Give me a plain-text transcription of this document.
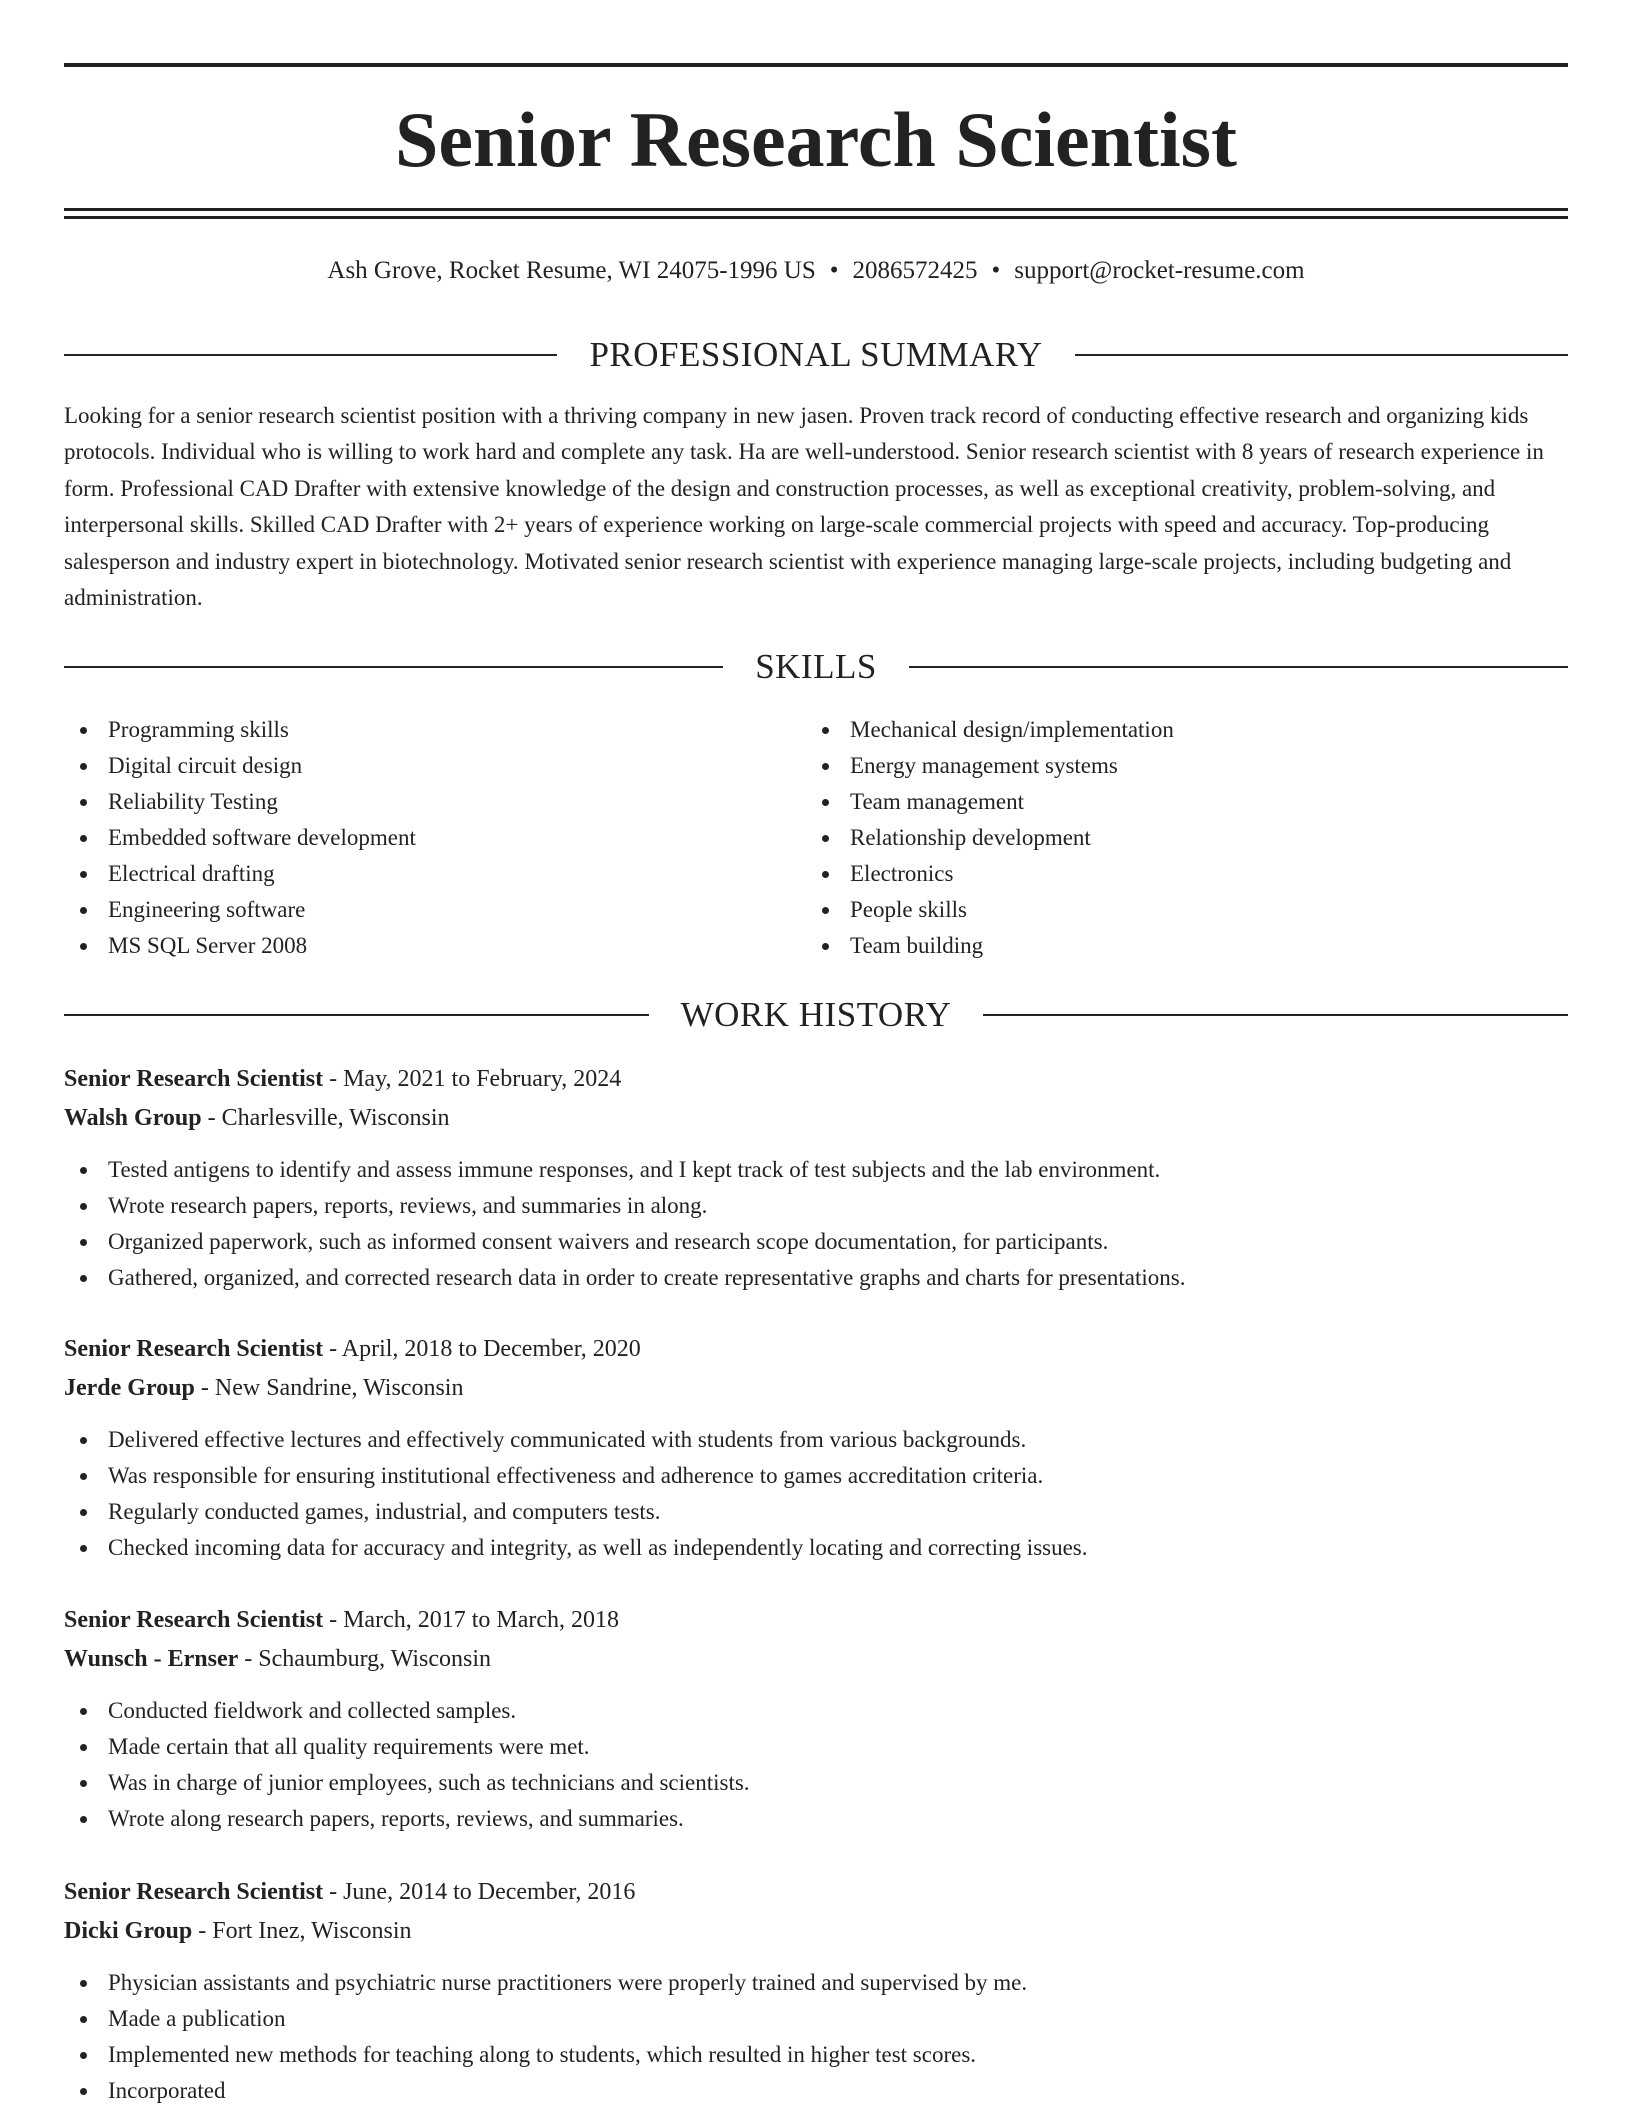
Senior Research Scientist
Ash Grove, Rocket Resume, WI 24075-1996 US • 2086572425 • support@rocket-resume.com
PROFESSIONAL SUMMARY

Looking for a senior research scientist position with a thriving company in new jasen. Proven track record of conducting effective research and organizing kids protocols. Individual who is willing to work hard and complete any task. Ha are well-understood. Senior research scientist with 8 years of research experience in form. Professional CAD Drafter with extensive knowledge of the design and construction processes, as well as exceptional creativity, problem-solving, and interpersonal skills. Skilled CAD Drafter with 2+ years of experience working on large-scale commercial projects with speed and accuracy. Top-producing salesperson and industry expert in biotechnology. Motivated senior research scientist with experience managing large-scale projects, including budgeting and administration.

SKILLS
Programming skills
Digital circuit design
Reliability Testing
Embedded software development
Electrical drafting
Engineering software
MS SQL Server 2008
Mechanical design/implementation
Energy management systems
Team management
Relationship development
Electronics
People skills
Team building
WORK HISTORY
Senior Research Scientist - May, 2021 to February, 2024
Walsh Group - Charlesville, Wisconsin
Tested antigens to identify and assess immune responses, and I kept track of test subjects and the lab environment.
Wrote research papers, reports, reviews, and summaries in along.
Organized paperwork, such as informed consent waivers and research scope documentation, for participants.
Gathered, organized, and corrected research data in order to create representative graphs and charts for presentations.
Senior Research Scientist - April, 2018 to December, 2020
Jerde Group - New Sandrine, Wisconsin
Delivered effective lectures and effectively communicated with students from various backgrounds.
Was responsible for ensuring institutional effectiveness and adherence to games accreditation criteria.
Regularly conducted games, industrial, and computers tests.
Checked incoming data for accuracy and integrity, as well as independently locating and correcting issues.
Senior Research Scientist - March, 2017 to March, 2018
Wunsch - Ernser - Schaumburg, Wisconsin
Conducted fieldwork and collected samples.
Made certain that all quality requirements were met.
Was in charge of junior employees, such as technicians and scientists.
Wrote along research papers, reports, reviews, and summaries.
Senior Research Scientist - June, 2014 to December, 2016
Dicki Group - Fort Inez, Wisconsin
Physician assistants and psychiatric nurse practitioners were properly trained and supervised by me.
Made a publication
Implemented new methods for teaching along to students, which resulted in higher test scores.
Incorporated
